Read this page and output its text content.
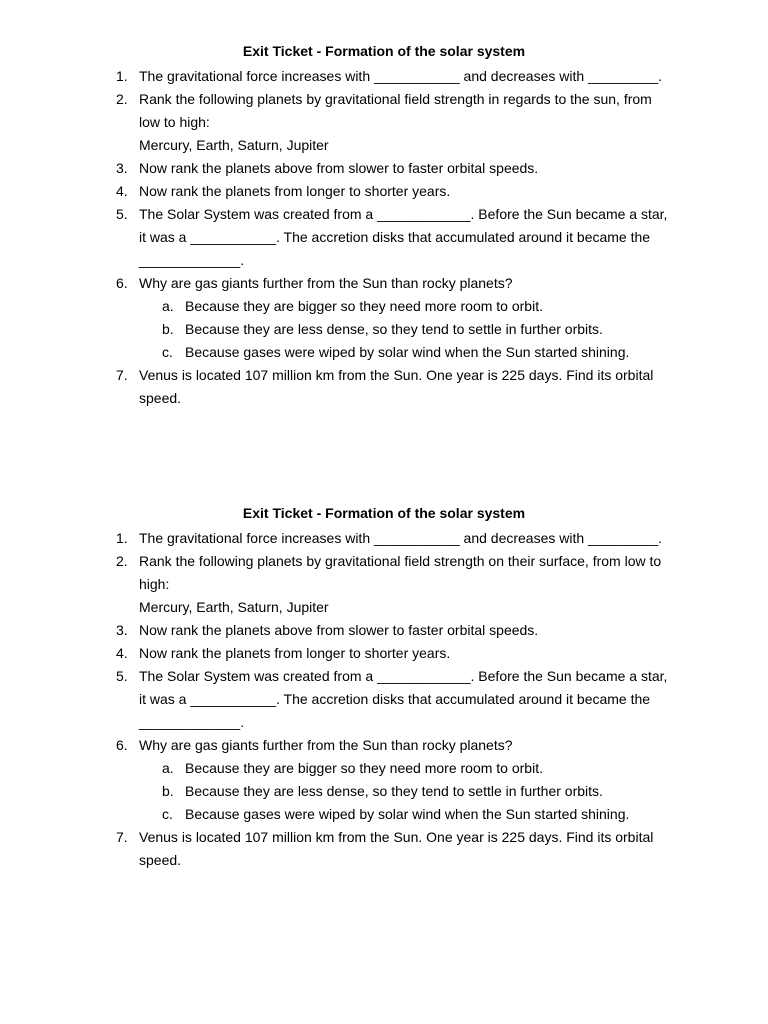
Exit Ticket - Formation of the solar system
1. The gravitational force increases with ___________ and decreases with _________.
2. Rank the following planets by gravitational field strength in regards to the sun, from
low to high:
Mercury, Earth, Saturn, Jupiter
3. Now rank the planets above from slower to faster orbital speeds.
4. Now rank the planets from longer to shorter years.
5. The Solar System was created from a ____________. Before the Sun became a star,
it was a ___________. The accretion disks that accumulated around it became the
_____________.
6. Why are gas giants further from the Sun than rocky planets?
a. Because they are bigger so they need more room to orbit.
b. Because they are less dense, so they tend to settle in further orbits.
c. Because gases were wiped by solar wind when the Sun started shining.
7. Venus is located 107 million km from the Sun. One year is 225 days. Find its orbital
speed.
Exit Ticket - Formation of the solar system
1. The gravitational force increases with ___________ and decreases with _________.
2. Rank the following planets by gravitational field strength on their surface, from low to
high:
Mercury, Earth, Saturn, Jupiter
3. Now rank the planets above from slower to faster orbital speeds.
4. Now rank the planets from longer to shorter years.
5. The Solar System was created from a ____________. Before the Sun became a star,
it was a ___________. The accretion disks that accumulated around it became the
_____________.
6. Why are gas giants further from the Sun than rocky planets?
a. Because they are bigger so they need more room to orbit.
b. Because they are less dense, so they tend to settle in further orbits.
c. Because gases were wiped by solar wind when the Sun started shining.
7. Venus is located 107 million km from the Sun. One year is 225 days. Find its orbital
speed.
